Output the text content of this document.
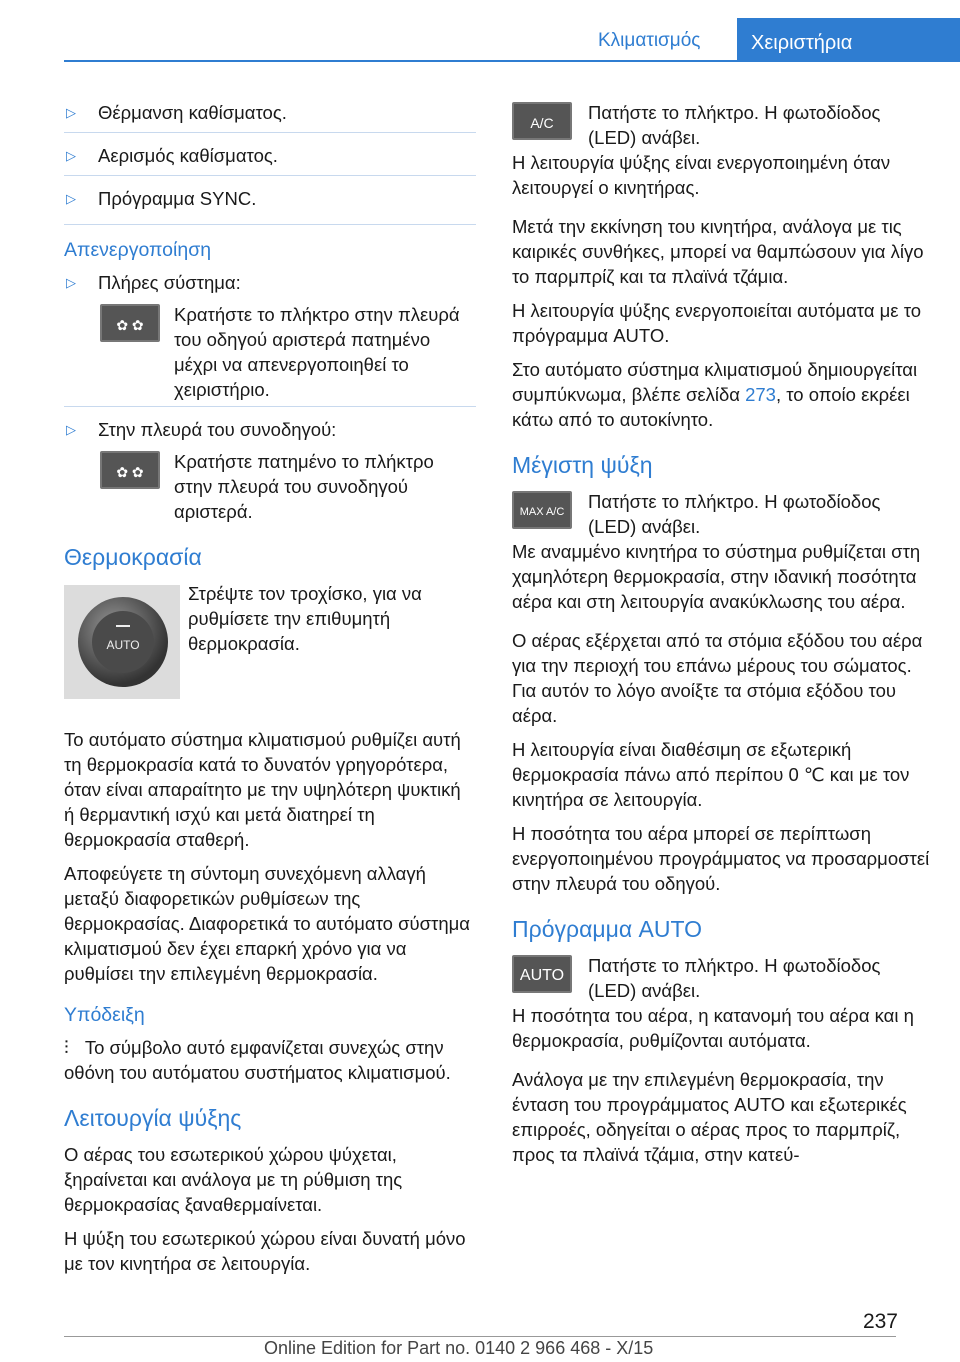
Κλιματισμός	Χειριστήρια
▷ Θέρμανση καθίσματος.
▷ Αερισμός καθίσματος.
▷ Πρόγραμμα SYNC.
Απενεργοποίηση
▷ Πλήρες σύστημα:
✿ ✿	Κρατήστε το πλήκτρο στην πλευρά του οδηγού αριστερά πατημένο μέχρι να απενεργοποιηθεί το χειριστήριο.
▷ Στην πλευρά του συνοδηγού:
✿ ✿	Κρατήστε πατημένο το πλήκτρο στην πλευρά του συνοδηγού αριστερά.
Θερμοκρασία
AUTO
Στρέψτε τον τροχίσκο, για να ρυθμίσετε την επιθυμητή θερμοκρασία.

Το αυτόματο σύστημα κλιματισμού ρυθμίζει αυτή τη θερμοκρασία κατά το δυνατόν γρηγορότερα, όταν είναι απαραίτητο με την υψηλότερη ψυκτική ή θερμαντική ισχύ και μετά διατηρεί τη θερμοκρασία σταθερή.

Αποφεύγετε τη σύντομη συνεχόμενη αλλαγή μεταξύ διαφορετικών ρυθμίσεων της θερμοκρασίας. Διαφορετικά το αυτόματο σύστημα κλιματισμού δεν έχει επαρκή χρόνο για να ρυθμίσει την επιλεγμένη θερμοκρασία.

Υπόδειξη

⫶ Το σύμβολο αυτό εμφανίζεται συνεχώς στην οθόνη του αυτόματου συστήματος κλιματισμού.

Λειτουργία ψύξης

Ο αέρας του εσωτερικού χώρου ψύχεται, ξηραίνεται και ανάλογα με τη ρύθμιση της θερμοκρασίας ξαναθερμαίνεται.

Η ψύξη του εσωτερικού χώρου είναι δυνατή μόνο με τον κινητήρα σε λειτουργία.

A/C	Πατήστε το πλήκτρο. Η φωτοδίοδος (LED) ανάβει.

Η λειτουργία ψύξης είναι ενεργοποιημένη όταν λειτουργεί ο κινητήρας.

Μετά την εκκίνηση του κινητήρα, ανάλογα με τις καιρικές συνθήκες, μπορεί να θαμπώσουν για λίγο το παρμπρίζ και τα πλαϊνά τζάμια.

Η λειτουργία ψύξης ενεργοποιείται αυτόματα με το πρόγραμμα AUTO.

Στο αυτόματο σύστημα κλιματισμού δημιουργείται συμπύκνωμα, βλέπε σελίδα 273, το οποίο εκρέει κάτω από το αυτοκίνητο.

Μέγιστη ψύξη
MAX A/C	Πατήστε το πλήκτρο. Η φωτοδίοδος (LED) ανάβει.

Με αναμμένο κινητήρα το σύστημα ρυθμίζεται στη χαμηλότερη θερμοκρασία, στην ιδανική ποσότητα αέρα και στη λειτουργία ανακύκλωσης του αέρα.

Ο αέρας εξέρχεται από τα στόμια εξόδου του αέρα για την περιοχή του επάνω μέρους του σώματος. Για αυτόν το λόγο ανοίξτε τα στόμια εξόδου του αέρα.

Η λειτουργία είναι διαθέσιμη σε εξωτερική θερμοκρασία πάνω από περίπου 0 ℃ και με τον κινητήρα σε λειτουργία.

Η ποσότητα του αέρα μπορεί σε περίπτωση ενεργοποιημένου προγράμματος να προσαρμοστεί στην πλευρά του οδηγού.

Πρόγραμμα AUTO
AUTO	Πατήστε το πλήκτρο. Η φωτοδίοδος (LED) ανάβει.

Η ποσότητα του αέρα, η κατανομή του αέρα και η θερμοκρασία, ρυθμίζονται αυτόματα.

Ανάλογα με την επιλεγμένη θερμοκρασία, την ένταση του προγράμματος AUTO και εξωτερικές επιρροές, οδηγείται ο αέρας προς το παρμπρίζ, προς τα πλαϊνά τζάμια, στην κατεύ-

237
Online Edition for Part no. 0140 2 966 468 - X/15
